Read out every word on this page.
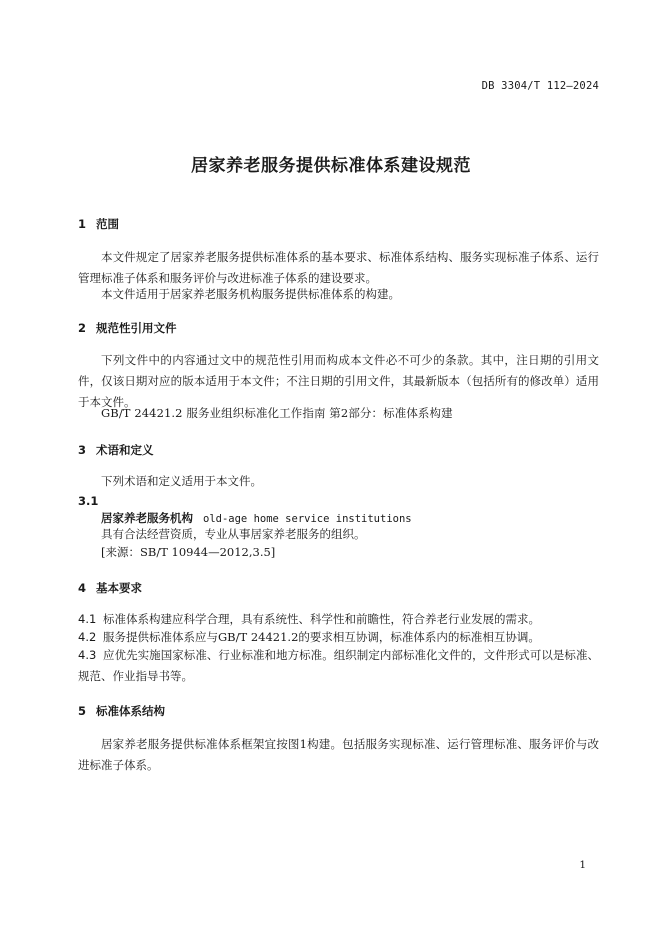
DB 3304/T 112—2024
居家养老服务提供标准体系建设规范
1 范围

本文件规定了居家养老服务提供标准体系的基本要求、标准体系结构、服务实现标准子体系、运行管理标准子体系和服务评价与改进标准子体系的建设要求。

本文件适用于居家养老服务机构服务提供标准体系的构建。

2 规范性引用文件

下列文件中的内容通过文中的规范性引用而构成本文件必不可少的条款。其中，注日期的引用文件，仅该日期对应的版本适用于本文件；不注日期的引用文件，其最新版本（包括所有的修改单）适用于本文件。

GB/T 24421.2 服务业组织标准化工作指南 第2部分：标准体系构建

3 术语和定义

下列术语和定义适用于本文件。

3.1

居家养老服务机构 old-age home service institutions

具有合法经营资质，专业从事居家养老服务的组织。

[来源：SB/T 10944—2012,3.5]

4 基本要求

4.1 标准体系构建应科学合理，具有系统性、科学性和前瞻性，符合养老行业发展的需求。

4.2 服务提供标准体系应与GB/T 24421.2的要求相互协调，标准体系内的标准相互协调。

4.3 应优先实施国家标准、行业标准和地方标准。组织制定内部标准化文件的，文件形式可以是标准、规范、作业指导书等。

5 标准体系结构

居家养老服务提供标准体系框架宜按图1构建。包括服务实现标准、运行管理标准、服务评价与改进标准子体系。

1
